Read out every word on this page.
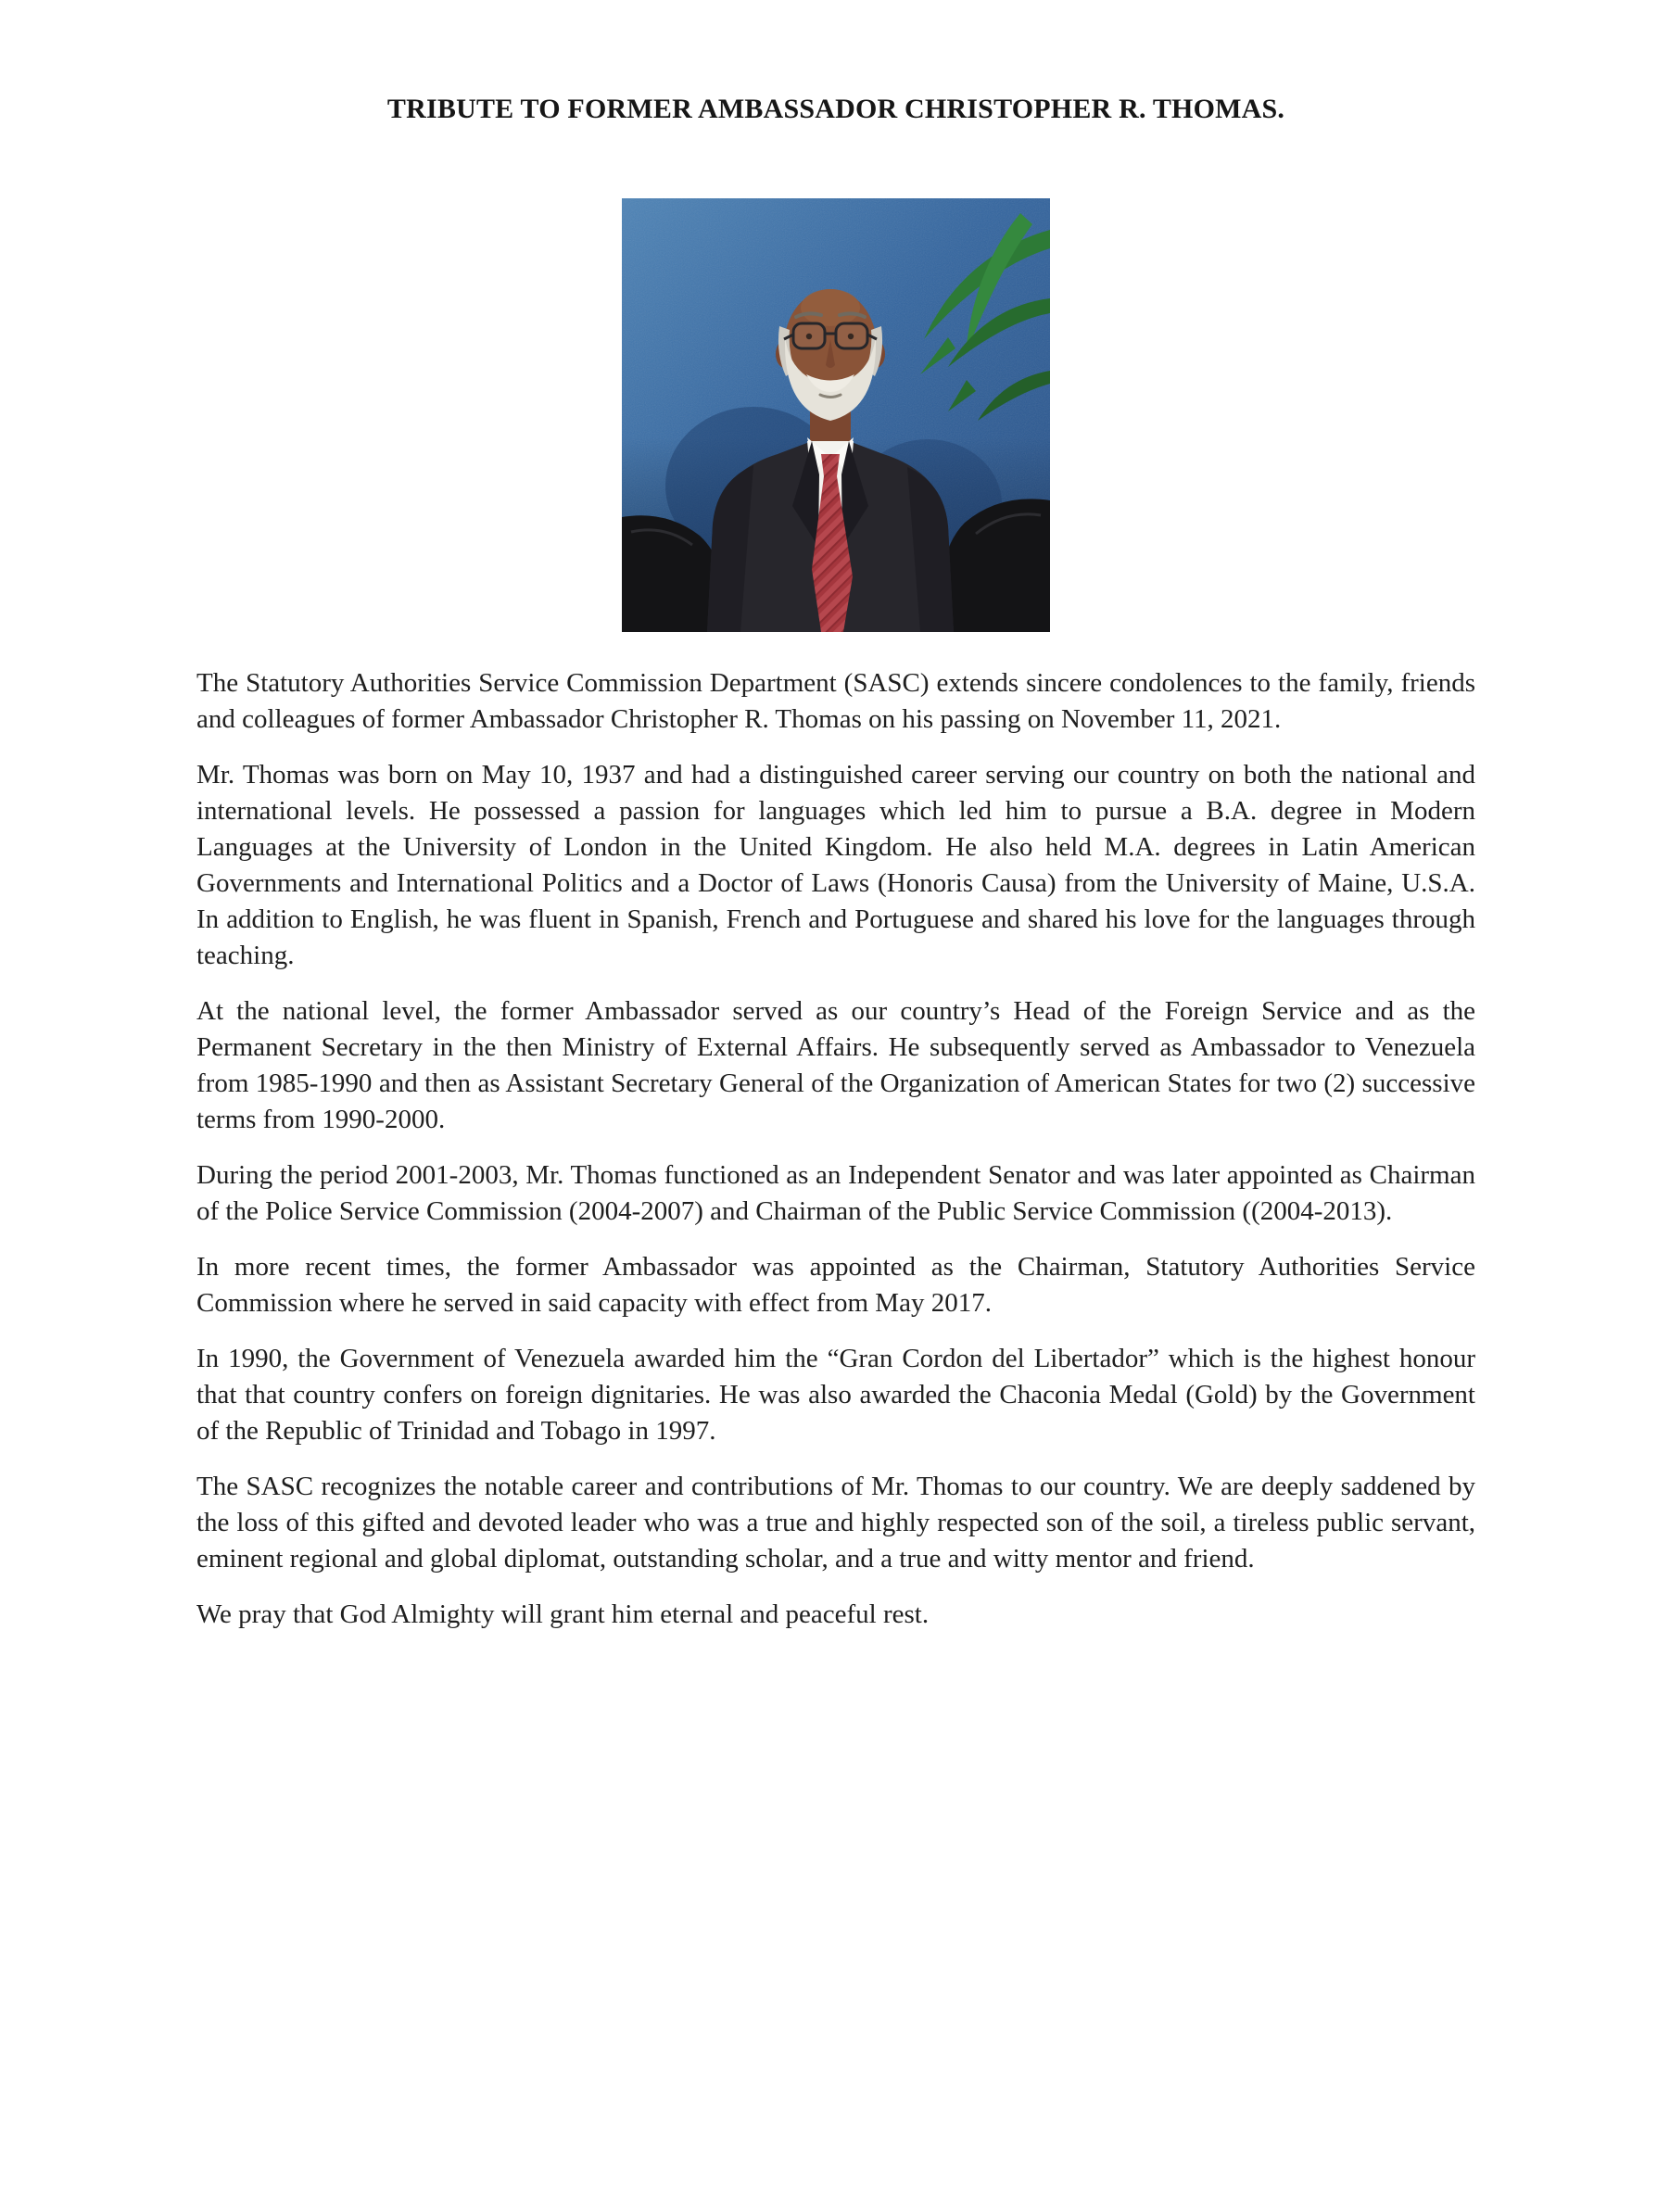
TRIBUTE TO FORMER AMBASSADOR CHRISTOPHER R. THOMAS.

The Statutory Authorities Service Commission Department (SASC) extends sincere condolences to the family, friends and colleagues of former Ambassador Christopher R. Thomas on his passing on November 11, 2021.

Mr. Thomas was born on May 10, 1937 and had a distinguished career serving our country on both the national and international levels. He possessed a passion for languages which led him to pursue a B.A. degree in Modern Languages at the University of London in the United Kingdom. He also held M.A. degrees in Latin American Governments and International Politics and a Doctor of Laws (Honoris Causa) from the University of Maine, U.S.A. In addition to English, he was fluent in Spanish, French and Portuguese and shared his love for the languages through teaching.

At the national level, the former Ambassador served as our country’s Head of the Foreign Service and as the Permanent Secretary in the then Ministry of External Affairs. He subsequently served as Ambassador to Venezuela from 1985-1990 and then as Assistant Secretary General of the Organization of American States for two (2) successive terms from 1990-2000.

During the period 2001-2003, Mr. Thomas functioned as an Independent Senator and was later appointed as Chairman of the Police Service Commission (2004-2007) and Chairman of the Public Service Commission ((2004-2013).

In more recent times, the former Ambassador was appointed as the Chairman, Statutory Authorities Service Commission where he served in said capacity with effect from May 2017.

In 1990, the Government of Venezuela awarded him the “Gran Cordon del Libertador” which is the highest honour that that country confers on foreign dignitaries. He was also awarded the Chaconia Medal (Gold) by the Government of the Republic of Trinidad and Tobago in 1997.

The SASC recognizes the notable career and contributions of Mr. Thomas to our country. We are deeply saddened by the loss of this gifted and devoted leader who was a true and highly respected son of the soil, a tireless public servant, eminent regional and global diplomat, outstanding scholar, and a true and witty mentor and friend.

We pray that God Almighty will grant him eternal and peaceful rest.
